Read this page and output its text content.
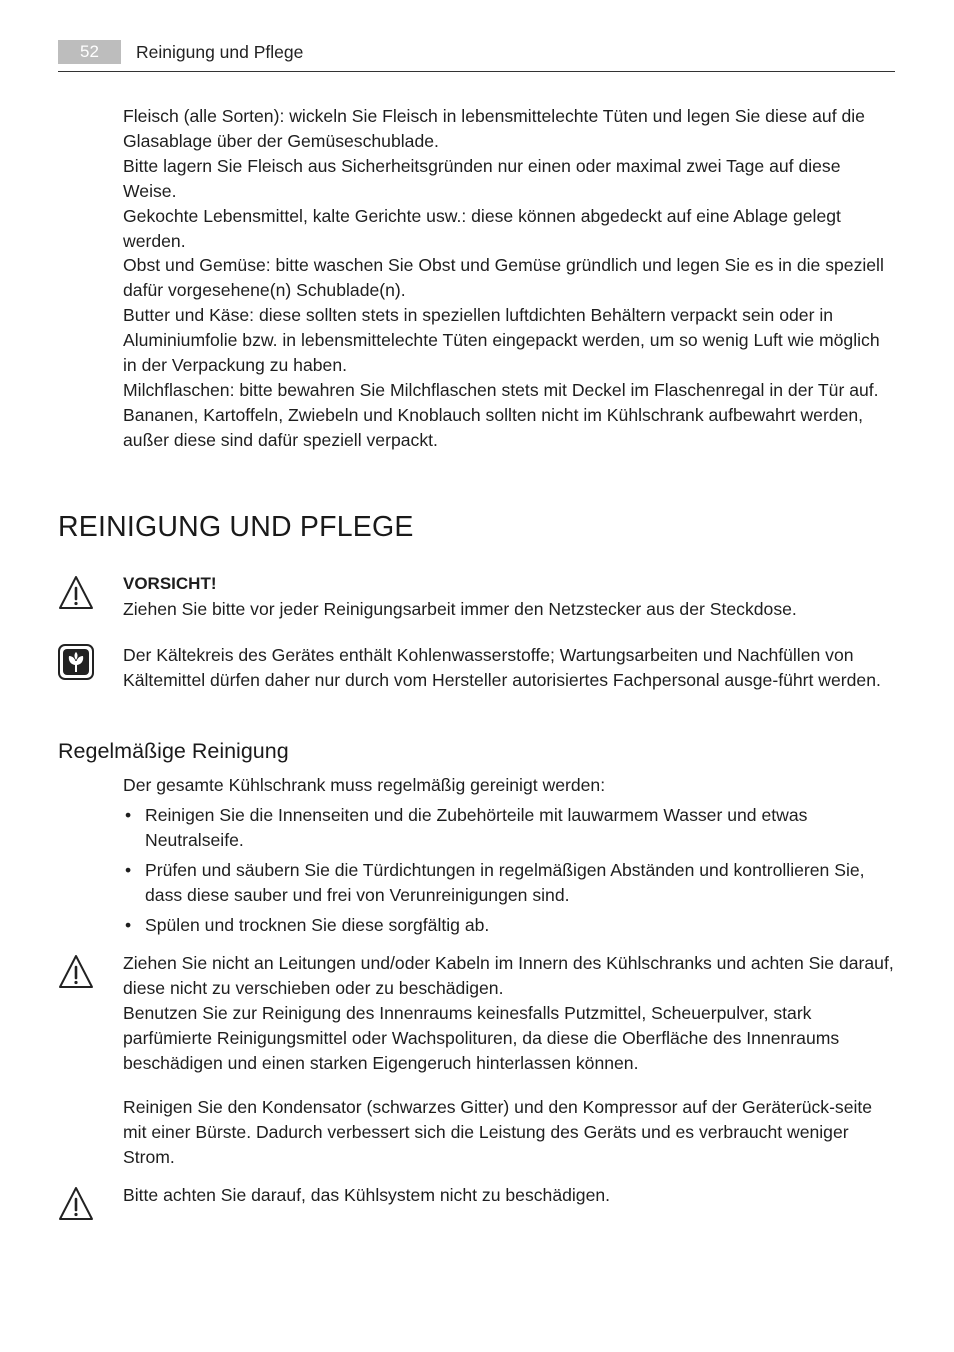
52	Reinigung und Pflege

Fleisch (alle Sorten): wickeln Sie Fleisch in lebensmittelechte Tüten und legen Sie diese auf die Glasablage über der Gemüseschublade.

Bitte lagern Sie Fleisch aus Sicherheitsgründen nur einen oder maximal zwei Tage auf diese Weise.

Gekochte Lebensmittel, kalte Gerichte usw.: diese können abgedeckt auf eine Ablage gelegt werden.

Obst und Gemüse: bitte waschen Sie Obst und Gemüse gründlich und legen Sie es in die speziell dafür vorgesehene(n) Schublade(n).

Butter und Käse: diese sollten stets in speziellen luftdichten Behältern verpackt sein oder in Aluminiumfolie bzw. in lebensmittelechte Tüten eingepackt werden, um so wenig Luft wie möglich in der Verpackung zu haben.

Milchflaschen: bitte bewahren Sie Milchflaschen stets mit Deckel im Flaschenregal in der Tür auf.

Bananen, Kartoffeln, Zwiebeln und Knoblauch sollten nicht im Kühlschrank aufbewahrt werden, außer diese sind dafür speziell verpackt.

REINIGUNG UND PFLEGE

VORSICHT!

Ziehen Sie bitte vor jeder Reinigungsarbeit immer den Netzstecker aus der Steckdose.

Der Kältekreis des Gerätes enthält Kohlenwasserstoffe; Wartungsarbeiten und Nachfüllen von Kältemittel dürfen daher nur durch vom Hersteller autorisiertes Fachpersonal ausge-führt werden.

Regelmäßige Reinigung

Der gesamte Kühlschrank muss regelmäßig gereinigt werden:

• Reinigen Sie die Innenseiten und die Zubehörteile mit lauwarmem Wasser und etwas Neutralseife.
• Prüfen und säubern Sie die Türdichtungen in regelmäßigen Abständen und kontrollieren Sie, dass diese sauber und frei von Verunreinigungen sind.
• Spülen und trocknen Sie diese sorgfältig ab.

Ziehen Sie nicht an Leitungen und/oder Kabeln im Innern des Kühlschranks und achten Sie darauf, diese nicht zu verschieben oder zu beschädigen.

Benutzen Sie zur Reinigung des Innenraums keinesfalls Putzmittel, Scheuerpulver, stark parfümierte Reinigungsmittel oder Wachspolituren, da diese die Oberfläche des Innenraums beschädigen und einen starken Eigengeruch hinterlassen können.

Reinigen Sie den Kondensator (schwarzes Gitter) und den Kompressor auf der Geräterück-seite mit einer Bürste. Dadurch verbessert sich die Leistung des Geräts und es verbraucht weniger Strom.

Bitte achten Sie darauf, das Kühlsystem nicht zu beschädigen.
